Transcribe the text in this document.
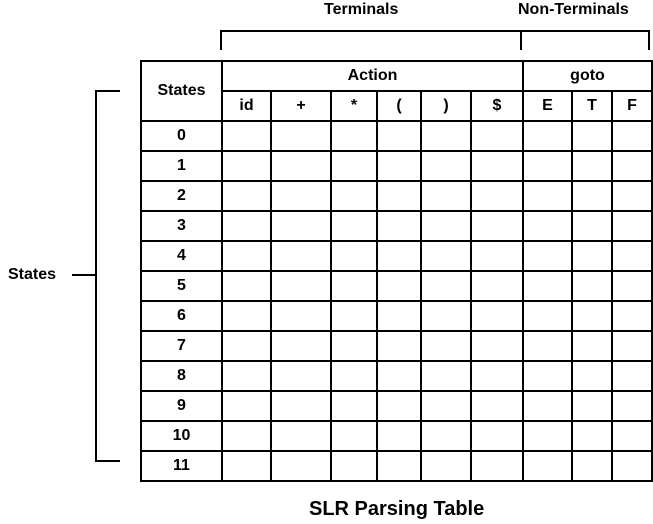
Terminals	Non-Terminals
States
States	Action						goto		
	id	+	*	(	)	$	E	T	F
0									
1									
2									
3									
4									
5									
6									
7									
8									
9									
10									
11									
SLR Parsing Table
